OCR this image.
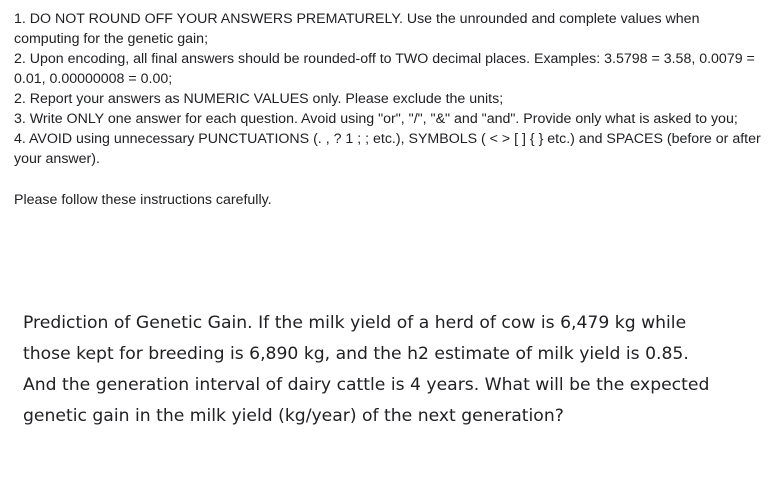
1. DO NOT ROUND OFF YOUR ANSWERS PREMATURELY. Use the unrounded and complete values when computing for the genetic gain;

2. Upon encoding, all final answers should be rounded-off to TWO decimal places. Examples: 3.5798 = 3.58, 0.0079 = 0.01, 0.00000008 = 0.00;

2. Report your answers as NUMERIC VALUES only. Please exclude the units;

3. Write ONLY one answer for each question. Avoid using "or", "/", "&" and "and". Provide only what is asked to you;

4. AVOID using unnecessary PUNCTUATIONS (. , ? 1 ; ; etc.), SYMBOLS ( < > [ ] { } etc.) and SPACES (before or after your answer).

Please follow these instructions carefully.

Prediction of Genetic Gain. If the milk yield of a herd of cow is 6,479 kg while those kept for breeding is 6,890 kg, and the h2 estimate of milk yield is 0.85. And the generation interval of dairy cattle is 4 years. What will be the expected genetic gain in the milk yield (kg/year) of the next generation?
